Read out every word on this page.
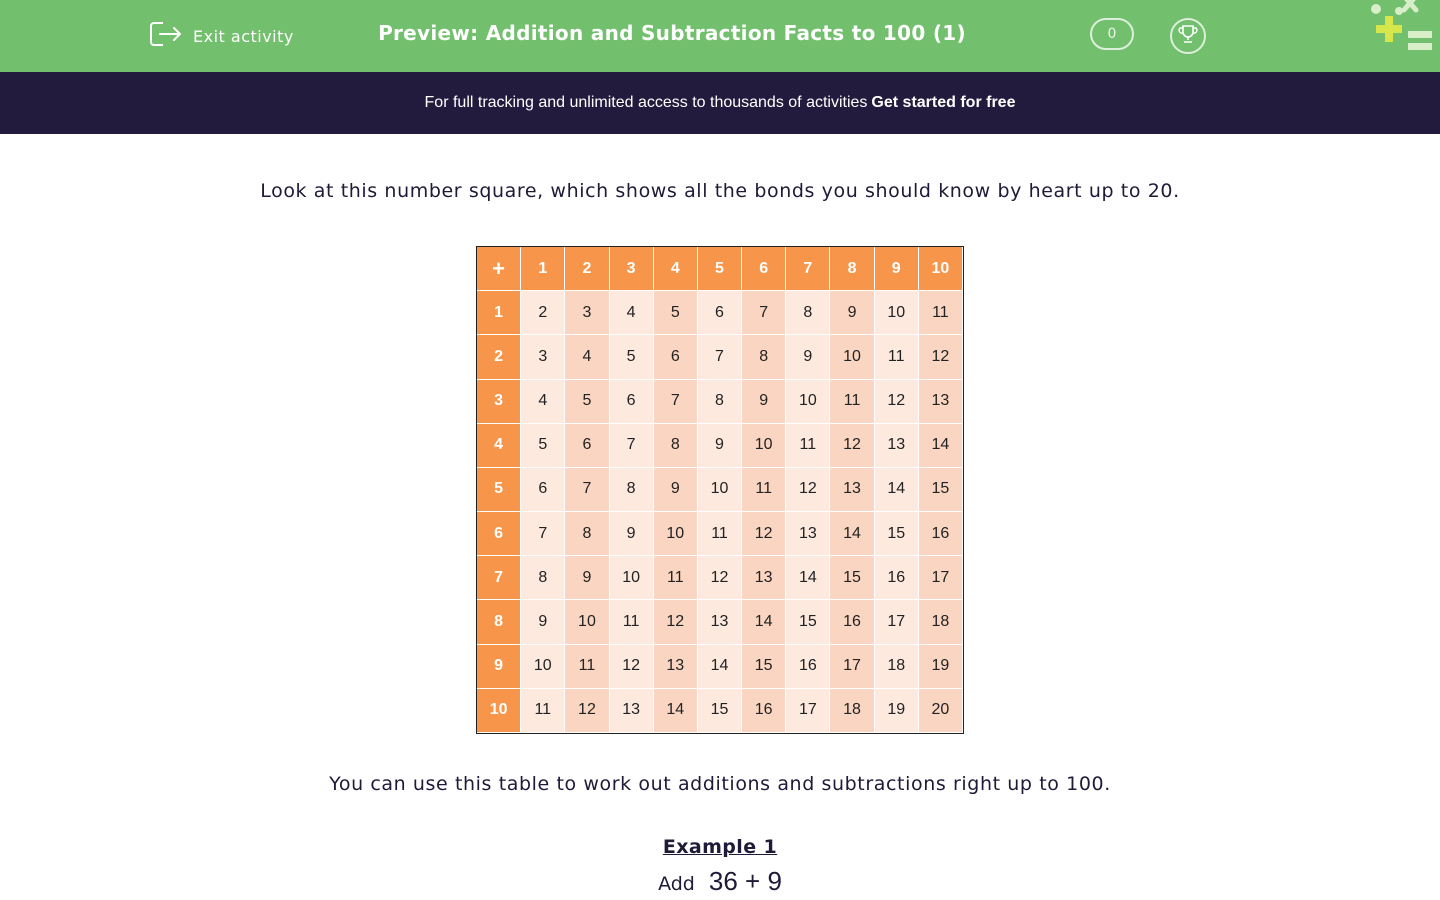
Exit activity	Preview: Addition and Subtraction Facts to 100 (1)	0
For full tracking and unlimited access to thousands of activities Get started for free
Look at this number square, which shows all the bonds you should know by heart up to 20.
+	1	2	3	4	5	6	7	8	9	10
1	2	3	4	5	6	7	8	9	10	11
2	3	4	5	6	7	8	9	10	11	12
3	4	5	6	7	8	9	10	11	12	13
4	5	6	7	8	9	10	11	12	13	14
5	6	7	8	9	10	11	12	13	14	15
6	7	8	9	10	11	12	13	14	15	16
7	8	9	10	11	12	13	14	15	16	17
8	9	10	11	12	13	14	15	16	17	18
9	10	11	12	13	14	15	16	17	18	19
10	11	12	13	14	15	16	17	18	19	20
You can use this table to work out additions and subtractions right up to 100.
Example 1
Add 36 + 9
